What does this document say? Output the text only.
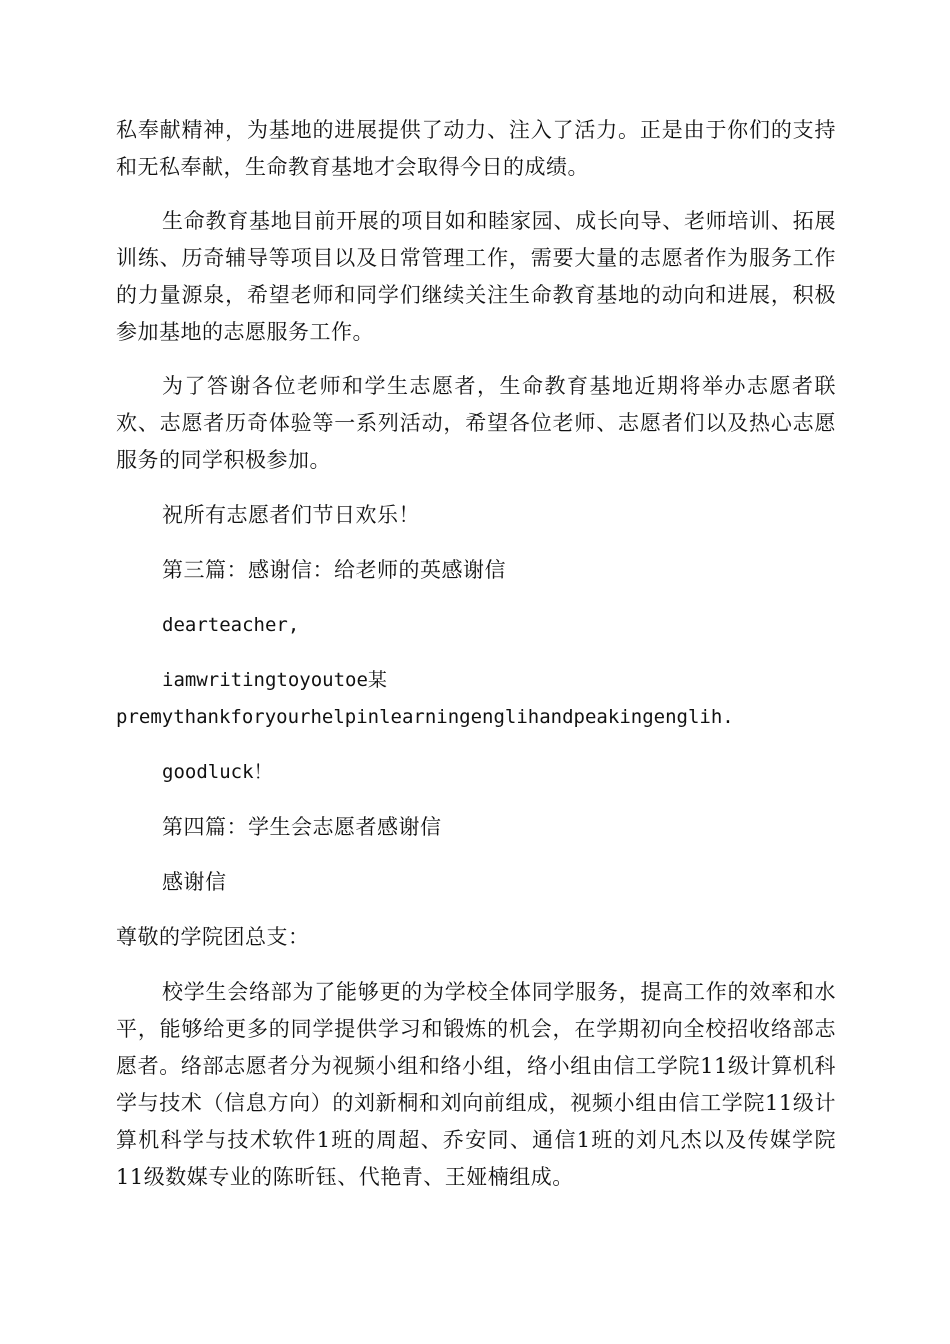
私奉献精神，为基地的进展提供了动力、注入了活力。正是由于你们的支持和无私奉献，生命教育基地才会取得今日的成绩。

生命教育基地目前开展的项目如和睦家园、成长向导、老师培训、拓展训练、历奇辅导等项目以及日常管理工作，需要大量的志愿者作为服务工作的力量源泉，希望老师和同学们继续关注生命教育基地的动向和进展，积极参加基地的志愿服务工作。

为了答谢各位老师和学生志愿者，生命教育基地近期将举办志愿者联欢、志愿者历奇体验等一系列活动，希望各位老师、志愿者们以及热心志愿服务的同学积极参加。

祝所有志愿者们节日欢乐！

第三篇：感谢信：给老师的英感谢信

dearteacher,

iamwritingtoyoutoe某

premythankforyourhelpinlearningenglihandpeakingenglih.

goodluck！

第四篇：学生会志愿者感谢信

感谢信

尊敬的学院团总支：

校学生会络部为了能够更的为学校全体同学服务，提高工作的效率和水平，能够给更多的同学提供学习和锻炼的机会，在学期初向全校招收络部志愿者。络部志愿者分为视频小组和络小组，络小组由信工学院11级计算机科学与技术（信息方向）的刘新桐和刘向前组成，视频小组由信工学院11级计算机科学与技术软件1班的周超、乔安同、通信1班的刘凡杰以及传媒学院11级数媒专业的陈昕钰、代艳青、王娅楠组成。
